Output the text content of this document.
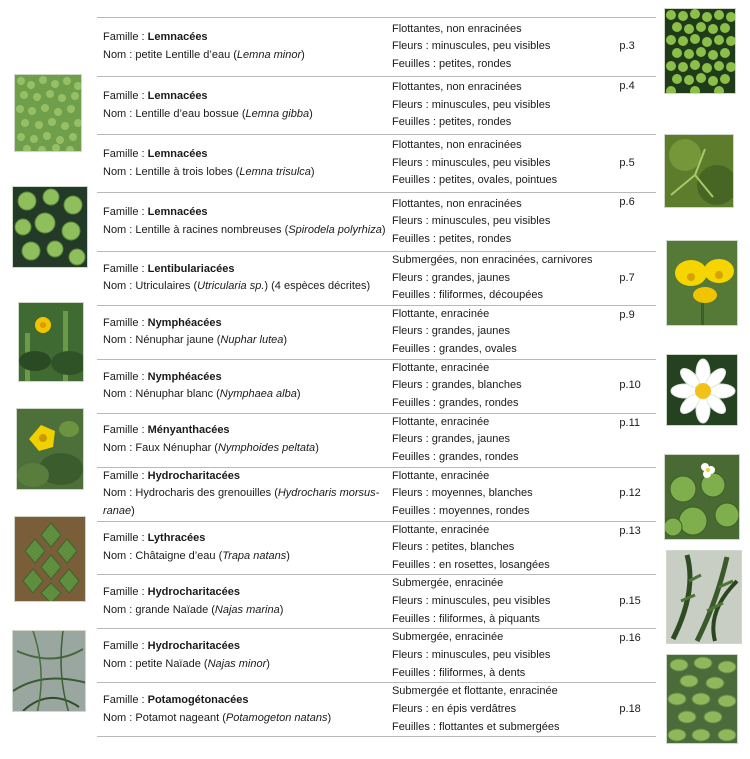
Famille : Lemnacées
Nom : petite Lentille d’eau (Lemna minor)	Flottantes, non enracinées
Fleurs : minuscules, peu visibles
Feuilles : petites, rondes	p.3

Famille : Lemnacées
Nom : Lentille d’eau bossue (Lemna gibba)	Flottantes, non enracinées
Fleurs : minuscules, peu visibles
Feuilles : petites, rondes	p.4

Famille : Lemnacées
Nom : Lentille à trois lobes (Lemna trisulca)	Flottantes, non enracinées
Fleurs : minuscules, peu visibles
Feuilles : petites, ovales, pointues	p.5

Famille : Lemnacées
Nom : Lentille à racines nombreuses (Spirodela polyrhiza)	Flottantes, non enracinées
Fleurs : minuscules, peu visibles
Feuilles : petites, rondes	p.6

Famille : Lentibulariacées
Nom : Utriculaires (Utricularia sp.) (4 espèces décrites)	Submergées, non enracinées, carnivores
Fleurs : grandes, jaunes
Feuilles : filiformes, découpées	p.7

Famille : Nymphéacées
Nom : Nénuphar jaune (Nuphar lutea)	Flottante, enracinée
Fleurs : grandes, jaunes
Feuilles : grandes, ovales	p.9

Famille : Nymphéacées
Nom : Nénuphar blanc (Nymphaea alba)	Flottante, enracinée
Fleurs : grandes, blanches
Feuilles : grandes, rondes	p.10

Famille : Ményanthacées
Nom : Faux Nénuphar (Nymphoides peltata)	Flottante, enracinée
Fleurs : grandes, jaunes
Feuilles : grandes, rondes	p.11

Famille : Hydrocharitacées
Nom : Hydrocharis des grenouilles (Hydrocharis morsus-ranae)	Flottante, enracinée
Fleurs : moyennes, blanches
Feuilles : moyennes, rondes	p.12

Famille : Lythracées
Nom : Châtaigne d’eau (Trapa natans)	Flottante, enracinée
Fleurs : petites, blanches
Feuilles : en rosettes, losangées	p.13

Famille : Hydrocharitacées
Nom : grande Naïade (Najas marina)	Submergée, enracinée
Fleurs : minuscules, peu visibles
Feuilles : filiformes, à piquants	p.15

Famille : Hydrocharitacées
Nom : petite Naïade (Najas minor)	Submergée, enracinée
Fleurs : minuscules, peu visibles
Feuilles : filiformes, à dents	p.16

Famille : Potamogétonacées
Nom : Potamot nageant (Potamogeton natans)	Submergée et flottante, enracinée
Fleurs : en épis verdâtres
Feuilles : flottantes et submergées	p.18
